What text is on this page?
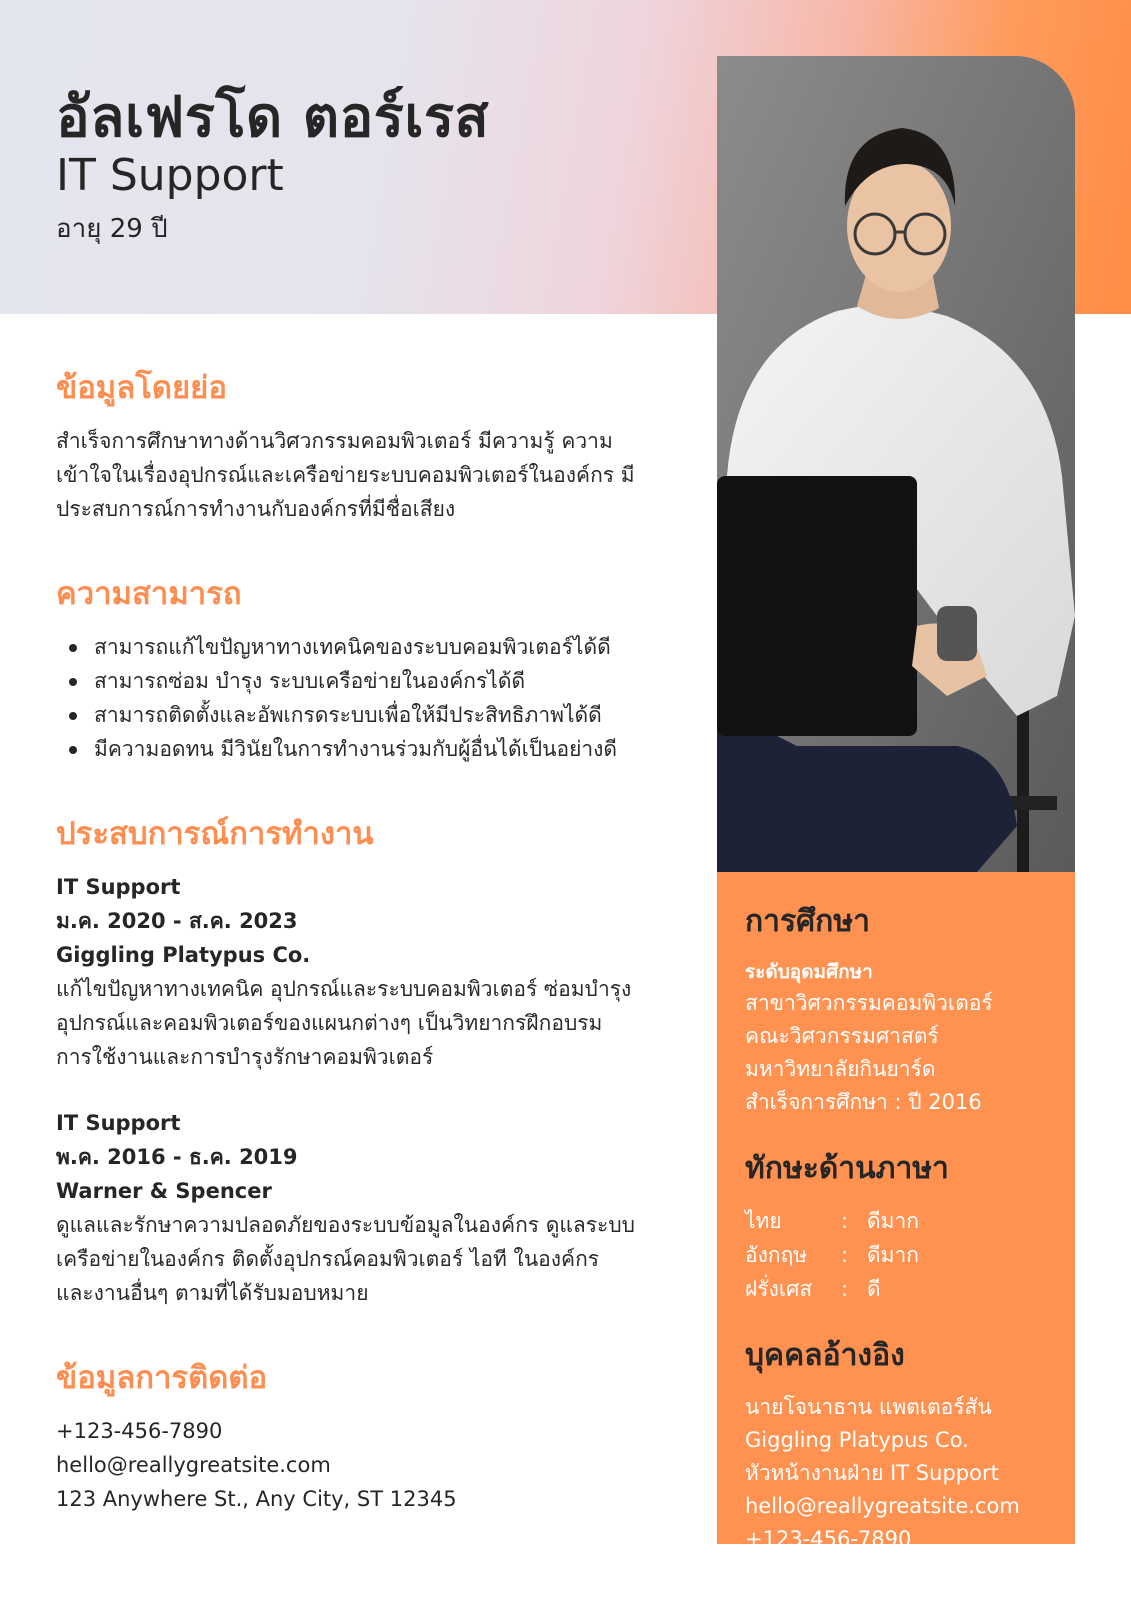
อัลเฟรโด ตอร์เรส
IT Support
อายุ 29 ปี
การศึกษา
ระดับอุดมศึกษา
สาขาวิศวกรรมคอมพิวเตอร์
คณะวิศวกรรมศาสตร์
มหาวิทยาลัยกินยาร์ด
สำเร็จการศึกษา : ปี 2016
ทักษะด้านภาษา
ไทย	: ดีมาก
อังกฤษ	: ดีมาก
ฝรั่งเศส	: ดี
บุคคลอ้างอิง
นายโจนาธาน แพตเตอร์สัน
Giggling Platypus Co.
หัวหน้างานฝ่าย IT Support
hello@reallygreatsite.com
+123-456-7890
ข้อมูลโดยย่อ
สำเร็จการศึกษาทางด้านวิศวกรรมคอมพิวเตอร์ มีความรู้ ความ
เข้าใจในเรื่องอุปกรณ์และเครือข่ายระบบคอมพิวเตอร์ในองค์กร มี
ประสบการณ์การทำงานกับองค์กรที่มีชื่อเสียง
ความสามารถ
สามารถแก้ไขปัญหาทางเทคนิคของระบบคอมพิวเตอร์ได้ดี
สามารถซ่อม บำรุง ระบบเครือข่ายในองค์กรได้ดี
สามารถติดตั้งและอัพเกรดระบบเพื่อให้มีประสิทธิภาพได้ดี
มีความอดทน มีวินัยในการทำงานร่วมกับผู้อื่นได้เป็นอย่างดี
ประสบการณ์การทำงาน
IT Support
ม.ค. 2020 - ส.ค. 2023
Giggling Platypus Co.
แก้ไขปัญหาทางเทคนิค อุปกรณ์และระบบคอมพิวเตอร์ ซ่อมบำรุง
อุปกรณ์และคอมพิวเตอร์ของแผนกต่างๆ เป็นวิทยากรฝึกอบรม
การใช้งานและการบำรุงรักษาคอมพิวเตอร์
IT Support
พ.ค. 2016 - ธ.ค. 2019
Warner & Spencer
ดูแลและรักษาความปลอดภัยของระบบข้อมูลในองค์กร ดูแลระบบ
เครือข่ายในองค์กร ติดตั้งอุปกรณ์คอมพิวเตอร์ ไอที ในองค์กร
และงานอื่นๆ ตามที่ได้รับมอบหมาย
ข้อมูลการติดต่อ
+123-456-7890
hello@reallygreatsite.com
123 Anywhere St., Any City, ST 12345
